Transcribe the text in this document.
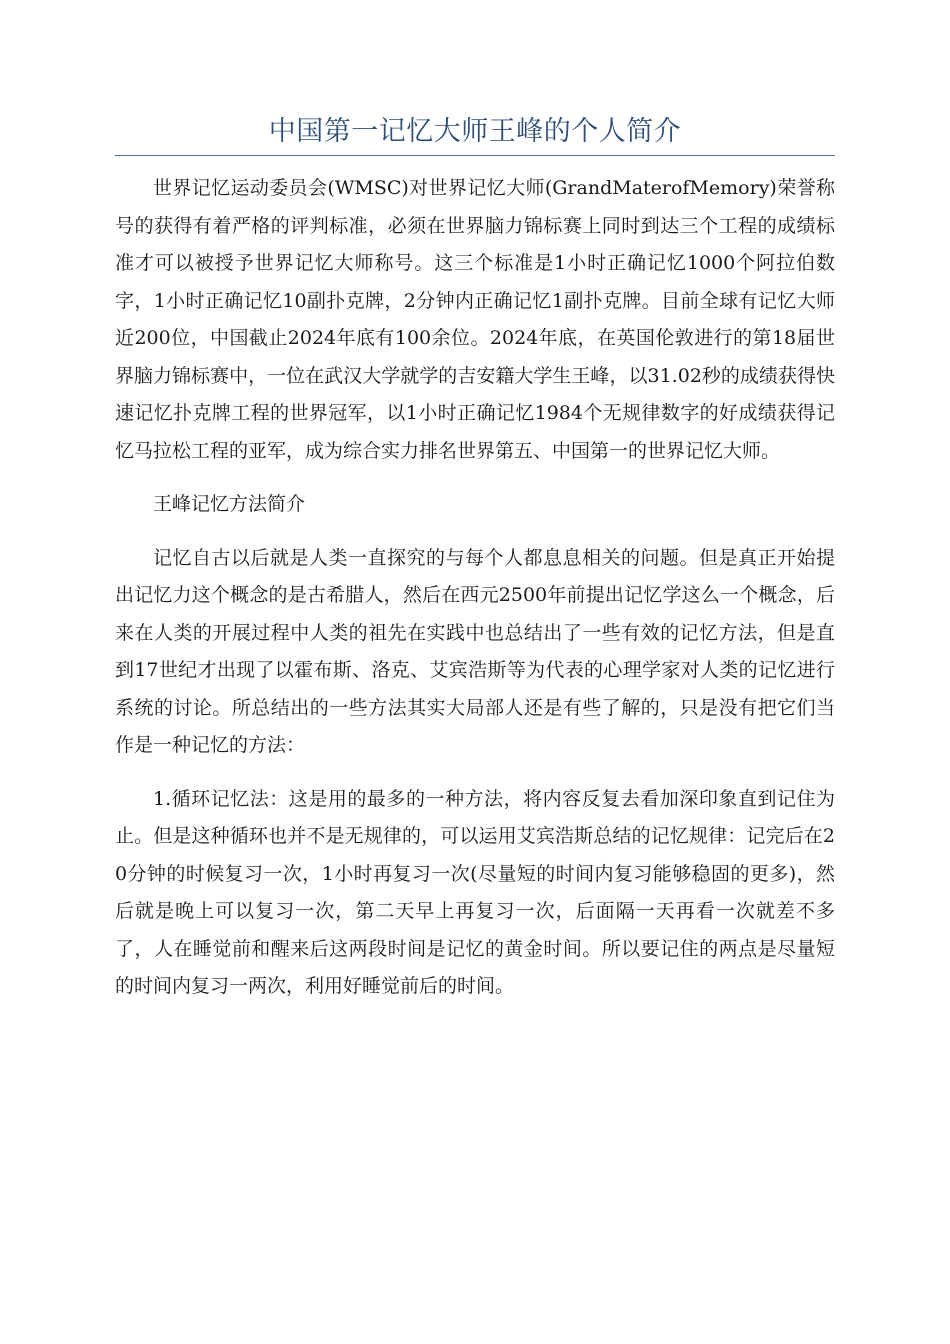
中国第一记忆大师王峰的个人简介

世界记忆运动委员会(WMSC)对世界记忆大师(GrandMaterofMemory)荣誉称号的获得有着严格的评判标准，必须在世界脑力锦标赛上同时到达三个工程的成绩标准才可以被授予世界记忆大师称号。这三个标准是1小时正确记忆1000个阿拉伯数字，1小时正确记忆10副扑克牌，2分钟内正确记忆1副扑克牌。目前全球有记忆大师近200位，中国截止2024年底有100余位。2024年底，在英国伦敦进行的第18届世界脑力锦标赛中，一位在武汉大学就学的吉安籍大学生王峰，以31.02秒的成绩获得快速记忆扑克牌工程的世界冠军，以1小时正确记忆1984个无规律数字的好成绩获得记忆马拉松工程的亚军，成为综合实力排名世界第五、中国第一的世界记忆大师。

王峰记忆方法简介

记忆自古以后就是人类一直探究的与每个人都息息相关的问题。但是真正开始提出记忆力这个概念的是古希腊人，然后在西元2500年前提出记忆学这么一个概念，后来在人类的开展过程中人类的祖先在实践中也总结出了一些有效的记忆方法，但是直到17世纪才出现了以霍布斯、洛克、艾宾浩斯等为代表的心理学家对人类的记忆进行系统的讨论。所总结出的一些方法其实大局部人还是有些了解的，只是没有把它们当作是一种记忆的方法：

1.循环记忆法：这是用的最多的一种方法，将内容反复去看加深印象直到记住为止。但是这种循环也并不是无规律的，可以运用艾宾浩斯总结的记忆规律：记完后在20分钟的时候复习一次，1小时再复习一次(尽量短的时间内复习能够稳固的更多)，然后就是晚上可以复习一次，第二天早上再复习一次，后面隔一天再看一次就差不多了，人在睡觉前和醒来后这两段时间是记忆的黄金时间。所以要记住的两点是尽量短的时间内复习一两次，利用好睡觉前后的时间。
